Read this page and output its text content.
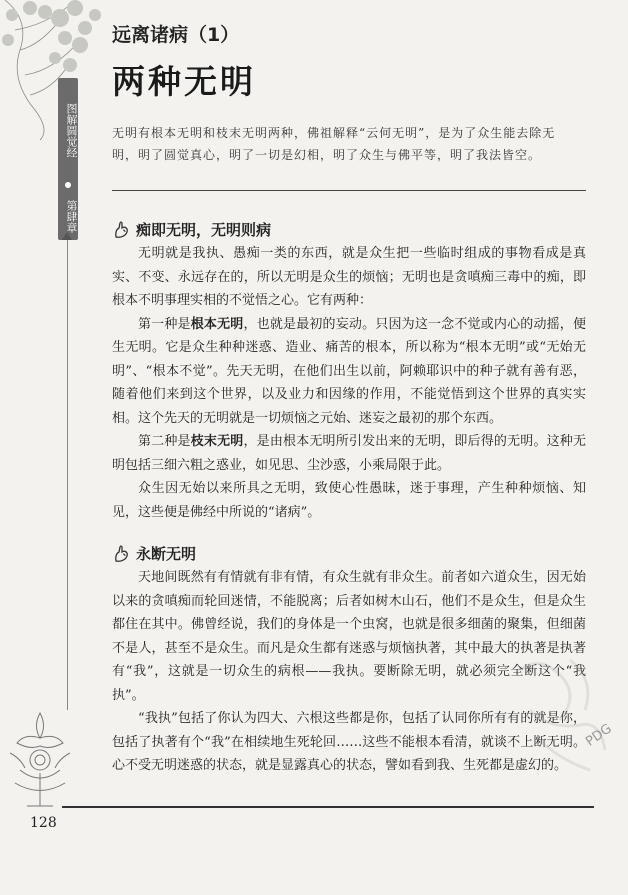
远离诸病（1）
两种无明
图解圆觉经
第肆章
无明有根本无明和枝末无明两种，佛祖解释“云何无明”，是为了众生能去除无明，明了圆觉真心，明了一切是幻相，明了众生与佛平等，明了我法皆空。
痴即无明，无明则病

无明就是我执、愚痴一类的东西，就是众生把一些临时组成的事物看成是真实、不变、永远存在的，所以无明是众生的烦恼；无明也是贪嗔痴三毒中的痴，即根本不明事理实相的不觉悟之心。它有两种：

第一种是根本无明，也就是最初的妄动。只因为这一念不觉或内心的动摇，便生无明。它是众生种种迷惑、造业、痛苦的根本，所以称为“根本无明”或“无始无明”、“根本不觉”。先天无明，在他们出生以前，阿赖耶识中的种子就有善有恶，随着他们来到这个世界，以及业力和因缘的作用，不能觉悟到这个世界的真实实相。这个先天的无明就是一切烦恼之元始、迷妄之最初的那个东西。

第二种是枝末无明，是由根本无明所引发出来的无明，即后得的无明。这种无明包括三细六粗之惑业，如见思、尘沙惑，小乘局限于此。

众生因无始以来所具之无明，致使心性愚昧，迷于事理，产生种种烦恼、知见，这些便是佛经中所说的“诸病”。

永断无明

天地间既然有有情就有非有情，有众生就有非众生。前者如六道众生，因无始以来的贪嗔痴而轮回迷情，不能脱离；后者如树木山石，他们不是众生，但是众生都住在其中。佛曾经说，我们的身体是一个虫窝，也就是很多细菌的聚集，但细菌不是人，甚至不是众生。而凡是众生都有迷惑与烦恼执著，其中最大的执著是执著有“我”，这就是一切众生的病根——我执。要断除无明，就必须完全断这个“我执”。

“我执”包括了你认为四大、六根这些都是你，包括了认同你所有有的就是你，包括了执著有个“我”在相续地生死轮回……这些不能根本看清，就谈不上断无明。心不受无明迷惑的状态，就是显露真心的状态，譬如看到我、生死都是虚幻的。

PDG
128
